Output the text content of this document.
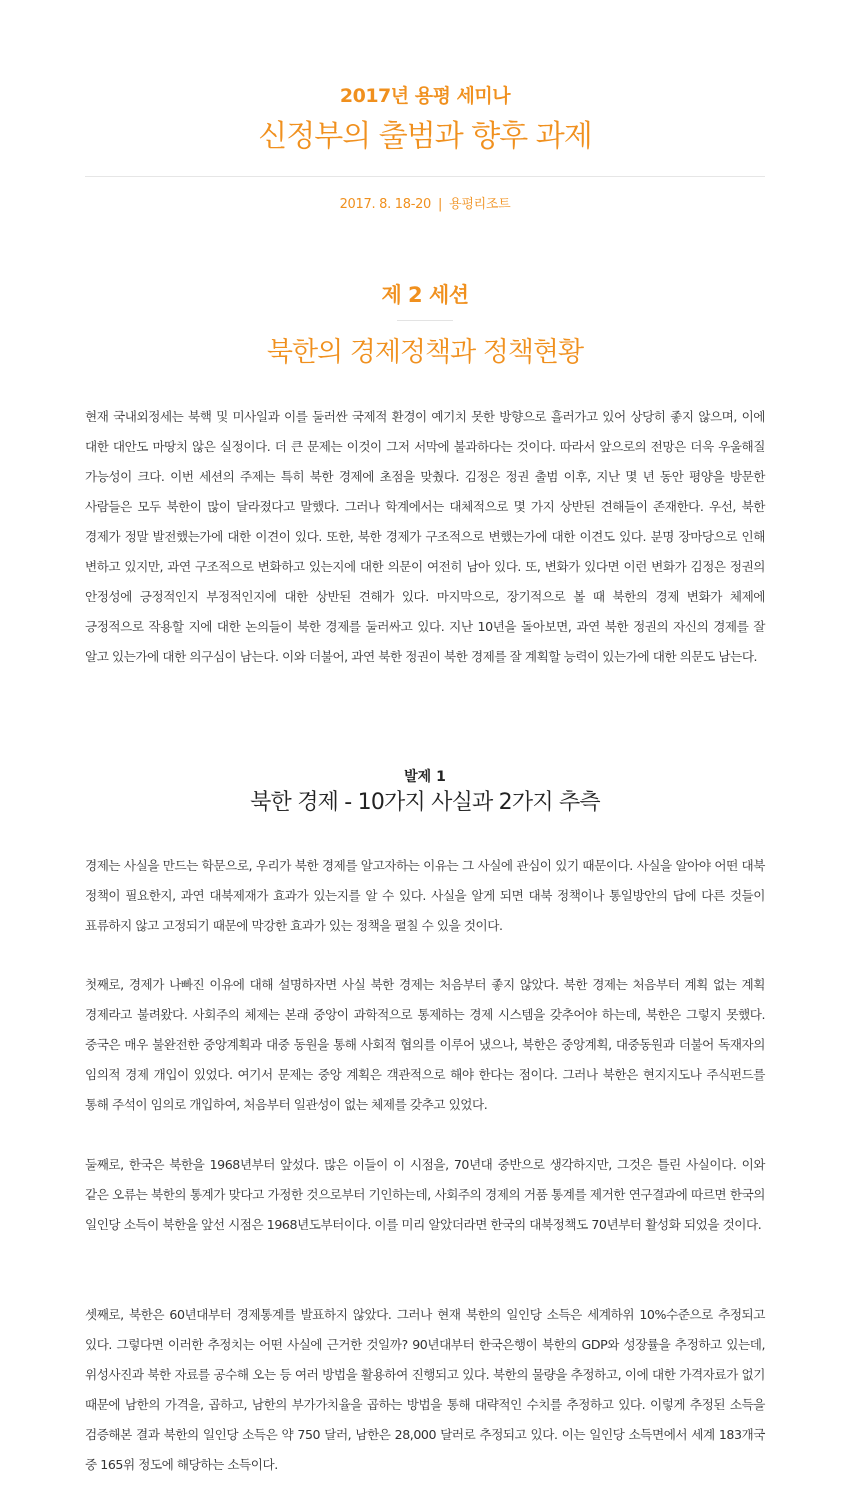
2017년 용평 세미나
신정부의 출범과 향후 과제
2017. 8. 18-20 | 용평리조트
제 2 세션
북한의 경제정책과 정책현황

현재 국내외정세는 북핵 및 미사일과 이를 둘러싼 국제적 환경이 예기치 못한 방향으로 흘러가고 있어 상당히 좋지 않으며, 이에 대한 대안도 마땅치 않은 실정이다. 더 큰 문제는 이것이 그저 서막에 불과하다는 것이다. 따라서 앞으로의 전망은 더욱 우울해질 가능성이 크다. 이번 세션의 주제는 특히 북한 경제에 초점을 맞췄다. 김정은 정권 출범 이후, 지난 몇 년 동안 평양을 방문한 사람들은 모두 북한이 많이 달라졌다고 말했다. 그러나 학계에서는 대체적으로 몇 가지 상반된 견해들이 존재한다. 우선, 북한 경제가 정말 발전했는가에 대한 이견이 있다. 또한, 북한 경제가 구조적으로 변했는가에 대한 이견도 있다. 분명 장마당으로 인해 변하고 있지만, 과연 구조적으로 변화하고 있는지에 대한 의문이 여전히 남아 있다. 또, 변화가 있다면 이런 변화가 김정은 정권의 안정성에 긍정적인지 부정적인지에 대한 상반된 견해가 있다. 마지막으로, 장기적으로 볼 때 북한의 경제 변화가 체제에 긍정적으로 작용할 지에 대한 논의들이 북한 경제를 둘러싸고 있다. 지난 10년을 돌아보면, 과연 북한 정권의 자신의 경제를 잘 알고 있는가에 대한 의구심이 남는다. 이와 더불어, 과연 북한 정권이 북한 경제를 잘 계획할 능력이 있는가에 대한 의문도 남는다.

발제 1
북한 경제 - 10가지 사실과 2가지 추측

경제는 사실을 만드는 학문으로, 우리가 북한 경제를 알고자하는 이유는 그 사실에 관심이 있기 때문이다. 사실을 알아야 어떤 대북 정책이 필요한지, 과연 대북제재가 효과가 있는지를 알 수 있다. 사실을 알게 되면 대북 정책이나 통일방안의 답에 다른 것들이 표류하지 않고 고정되기 때문에 막강한 효과가 있는 정책을 펼칠 수 있을 것이다.

첫째로, 경제가 나빠진 이유에 대해 설명하자면 사실 북한 경제는 처음부터 좋지 않았다. 북한 경제는 처음부터 계획 없는 계획 경제라고 불려왔다. 사회주의 체제는 본래 중앙이 과학적으로 통제하는 경제 시스템을 갖추어야 하는데, 북한은 그렇지 못했다. 중국은 매우 불완전한 중앙계획과 대중 동원을 통해 사회적 협의를 이루어 냈으나, 북한은 중앙계획, 대중동원과 더불어 독재자의 임의적 경제 개입이 있었다. 여기서 문제는 중앙 계획은 객관적으로 해야 한다는 점이다. 그러나 북한은 현지지도나 주식펀드를 통해 주석이 임의로 개입하여, 처음부터 일관성이 없는 체제를 갖추고 있었다.

둘째로, 한국은 북한을 1968년부터 앞섰다. 많은 이들이 이 시점을, 70년대 중반으로 생각하지만, 그것은 틀린 사실이다. 이와 같은 오류는 북한의 통계가 맞다고 가정한 것으로부터 기인하는데, 사회주의 경제의 거품 통계를 제거한 연구결과에 따르면 한국의 일인당 소득이 북한을 앞선 시점은 1968년도부터이다. 이를 미리 알았더라면 한국의 대북정책도 70년부터 활성화 되었을 것이다.

셋째로, 북한은 60년대부터 경제통계를 발표하지 않았다. 그러나 현재 북한의 일인당 소득은 세계하위 10%수준으로 추정되고 있다. 그렇다면 이러한 추정치는 어떤 사실에 근거한 것일까? 90년대부터 한국은행이 북한의 GDP와 성장률을 추정하고 있는데, 위성사진과 북한 자료를 공수해 오는 등 여러 방법을 활용하여 진행되고 있다. 북한의 물량을 추정하고, 이에 대한 가격자료가 없기 때문에 남한의 가격을, 곱하고, 남한의 부가가치율을 곱하는 방법을 통해 대략적인 수치를 추정하고 있다. 이렇게 추정된 소득을 검증해본 결과 북한의 일인당 소득은 약 750 달러, 남한은 28,000 달러로 추정되고 있다. 이는 일인당 소득면에서 세계 183개국 중 165위 정도에 해당하는 소득이다.
